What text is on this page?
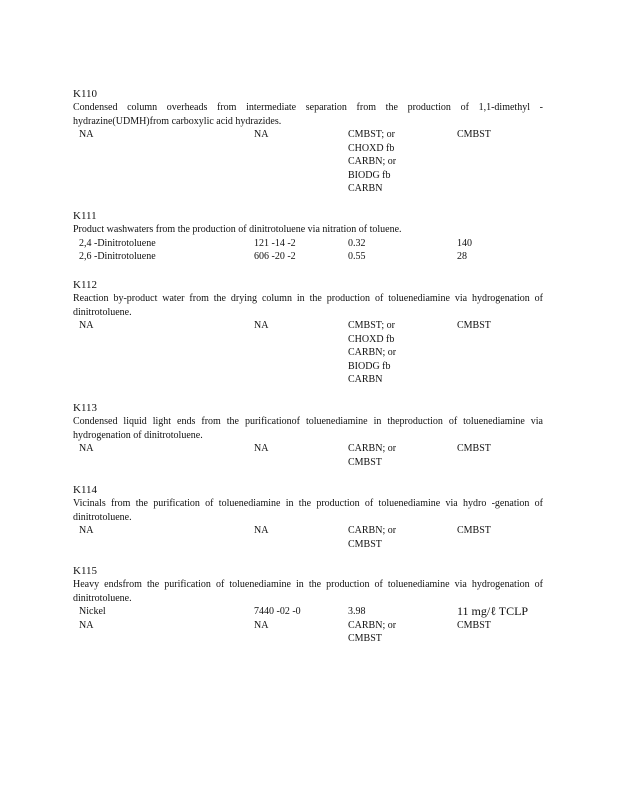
K110
Condensed column overheads from intermediate separation from the production of 1,1-dimethyl -hydrazine(UDMH)from carboxylic acid hydrazides.
NA	NA	CMBST; or	CMBST
CHOXD fb
CARBN; or
BIODG fb
CARBN
K111
Product washwaters from the production of dinitrotoluene via nitration of toluene.
2,4 -Dinitrotoluene	121 -14 -2	0.32	140
2,6 -Dinitrotoluene	606 -20 -2	0.55	28
K112
Reaction by-product water from the drying column in the production of toluenediamine via hydrogenation of dinitrotoluene.
NA	NA	CMBST; or	CMBST
CHOXD fb
CARBN; or
BIODG fb
CARBN
K113
Condensed liquid light ends from the purificationof toluenediamine in theproduction of toluenediamine via hydrogenation of dinitrotoluene.
NA	NA	CARBN; or	CMBST
CMBST
K114
Vicinals from the purification of toluenediamine in the production of toluenediamine via hydro -genation of dinitrotoluene.
NA	NA	CARBN; or	CMBST
CMBST
K115
Heavy endsfrom the purification of toluenediamine in the production of toluenediamine via hydrogenation of dinitrotoluene.
Nickel	7440 -02 -0	3.98	11 mg/ℓ TCLP
NA	NA	CARBN; or	CMBST
CMBST
